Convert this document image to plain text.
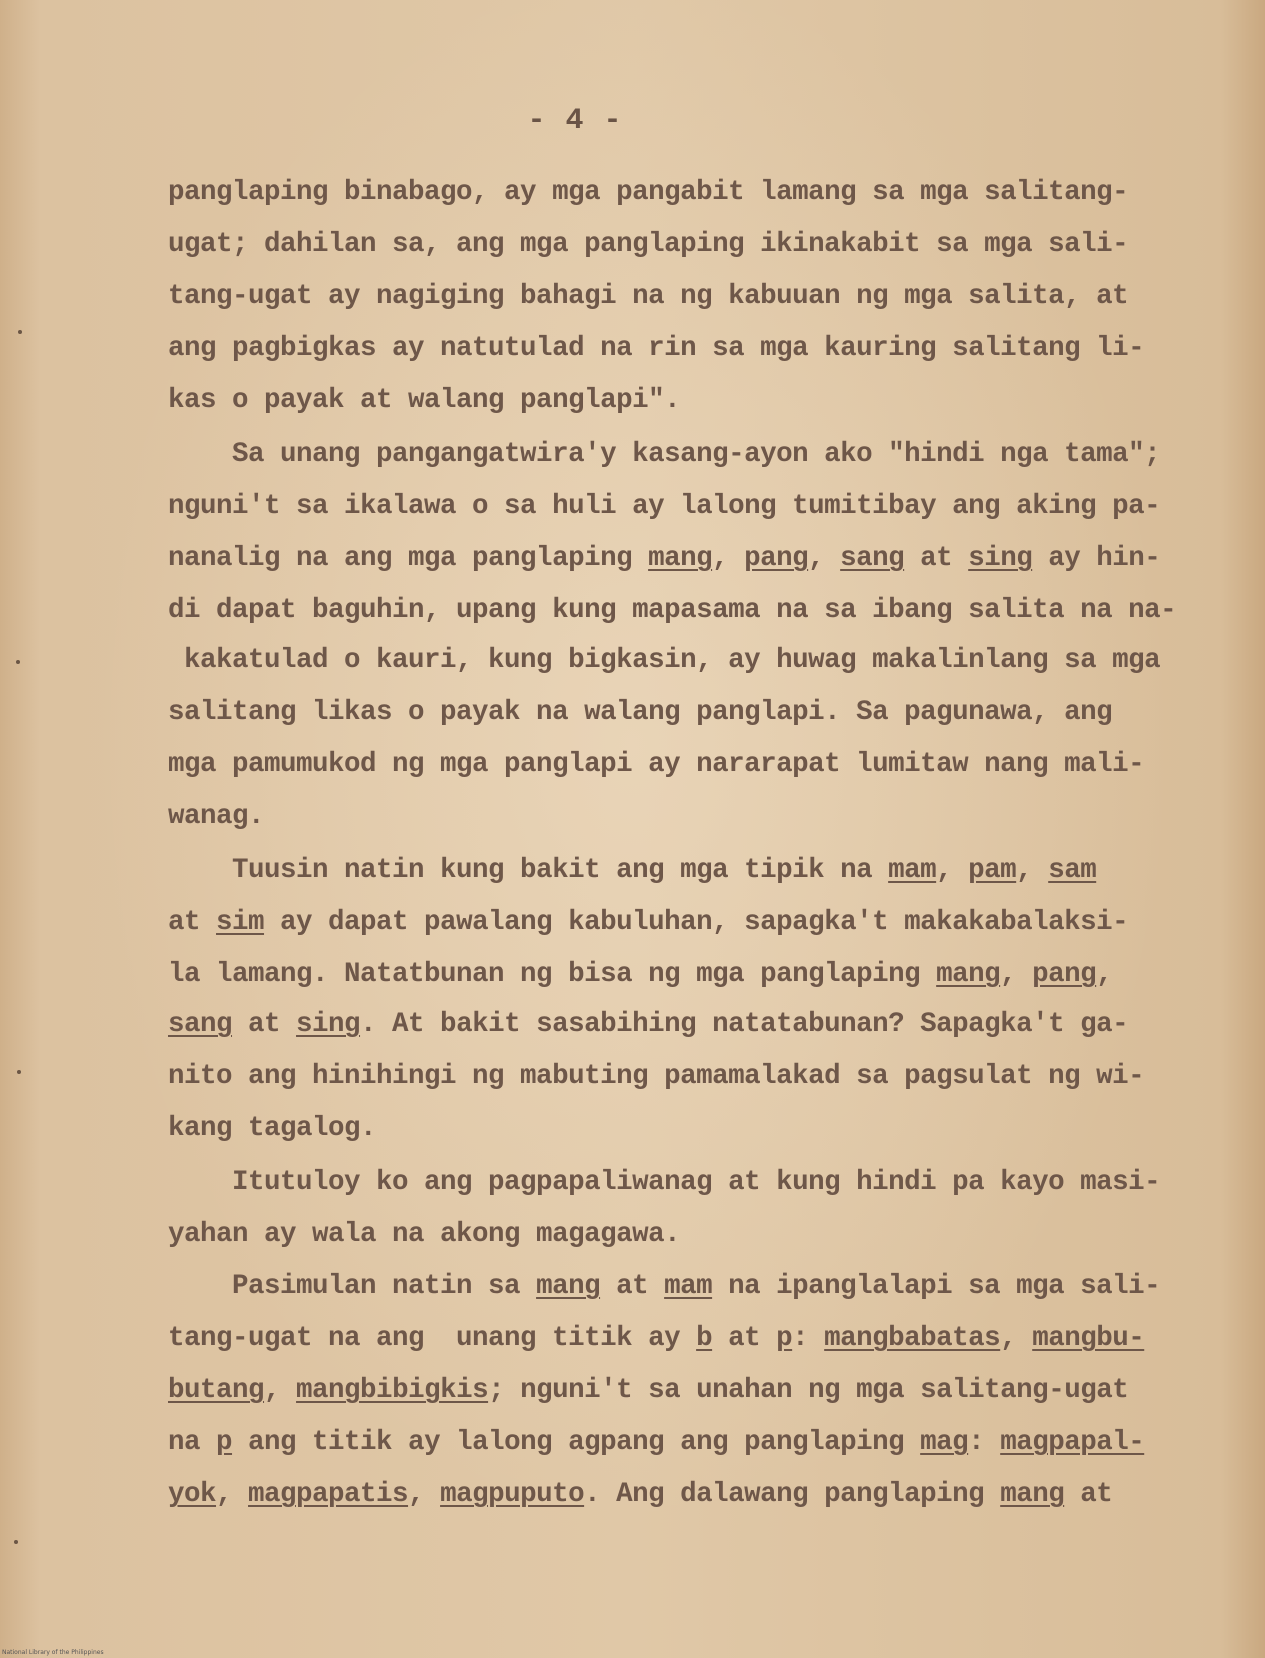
- 4 -
panglaping binabago, ay mga pangabit lamang sa mga salitang-
ugat; dahilan sa, ang mga panglaping ikinakabit sa mga sali-
tang-ugat ay nagiging bahagi na ng kabuuan ng mga salita, at
ang pagbigkas ay natutulad na rin sa mga kauring salitang li-
kas o payak at walang panglapi".
Sa unang pangangatwira'y kasang-ayon ako "hindi nga tama";
nguni't sa ikalawa o sa huli ay lalong tumitibay ang aking pa-
nanalig na ang mga panglaping mang, pang, sang at sing ay hin-
di dapat baguhin, upang kung mapasama na sa ibang salita na na-
kakatulad o kauri, kung bigkasin, ay huwag makalinlang sa mga
salitang likas o payak na walang panglapi. Sa pagunawa, ang
mga pamumukod ng mga panglapi ay nararapat lumitaw nang mali-
wanag.
Tuusin natin kung bakit ang mga tipik na mam, pam, sam
at sim ay dapat pawalang kabuluhan, sapagka't makakabalaksi-
la lamang. Natatbunan ng bisa ng mga panglaping mang, pang,
sang at sing. At bakit sasabihing natatabunan? Sapagka't ga-
nito ang hinihingi ng mabuting pamamalakad sa pagsulat ng wi-
kang tagalog.
Itutuloy ko ang pagpapaliwanag at kung hindi pa kayo masi-
yahan ay wala na akong magagawa.
Pasimulan natin sa mang at mam na ipanglalapi sa mga sali-
tang-ugat na ang  unang titik ay b at p: mangbabatas, mangbu-
butang, mangbibigkis; nguni't sa unahan ng mga salitang-ugat
na p ang titik ay lalong agpang ang panglaping mag: magpapal-
yok, magpapatis, magpuputo. Ang dalawang panglaping mang at
National Library of the Philippines
